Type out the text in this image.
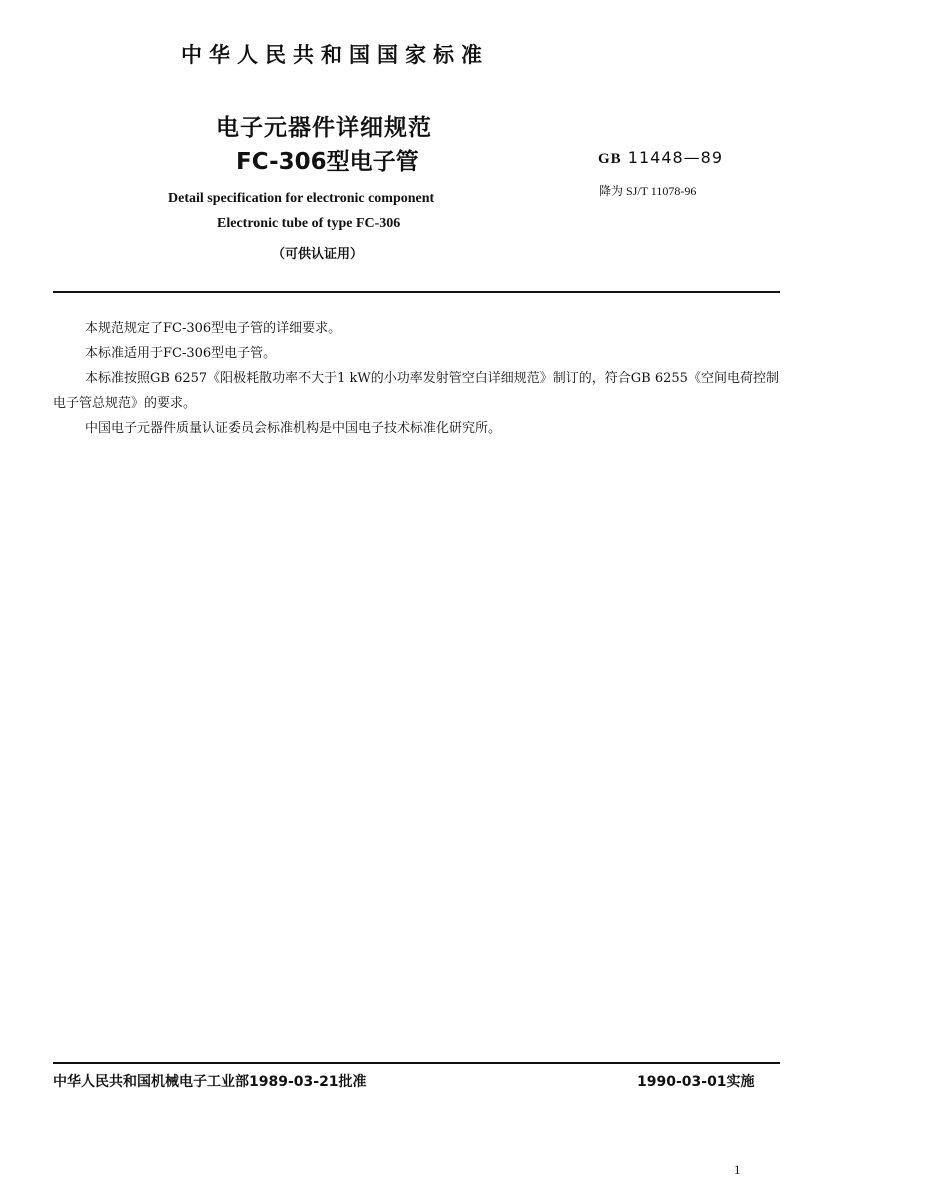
中华人民共和国国家标准
电子元器件详细规范
FC-306型电子管	GB 11448—89
降为 SJ/T 11078-96
Detail specification for electronic component
Electronic tube of type FC-306
（可供认证用）

本规范规定了FC-306型电子管的详细要求。

本标准适用于FC-306型电子管。

本标准按照GB 6257《阳极耗散功率不大于1 kW的小功率发射管空白详细规范》制订的，符合GB 6255《空间电荷控制电子管总规范》的要求。

中国电子元器件质量认证委员会标准机构是中国电子技术标准化研究所。

中华人民共和国机械电子工业部1989-03-21批准	1990-03-01实施
1
